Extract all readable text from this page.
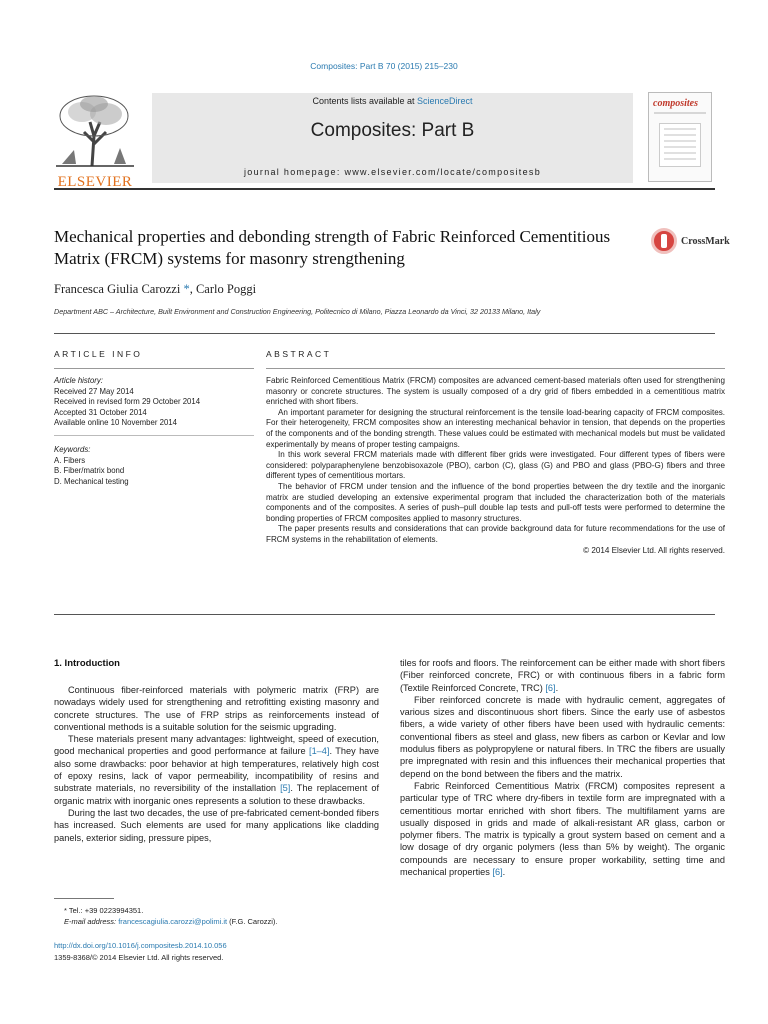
Composites: Part B 70 (2015) 215–230
ELSEVIER
Contents lists available at ScienceDirect
Composites: Part B
journal homepage: www.elsevier.com/locate/compositesb
composites
Mechanical properties and debonding strength of Fabric Reinforced Cementitious Matrix (FRCM) systems for masonry strengthening
CrossMark
Francesca Giulia Carozzi *, Carlo Poggi
Department ABC – Architecture, Built Environment and Construction Engineering, Politecnico di Milano, Piazza Leonardo da Vinci, 32 20133 Milano, Italy
ARTICLE INFO	ABSTRACT
Article history:
Received 27 May 2014
Received in revised form 29 October 2014
Accepted 31 October 2014
Available online 10 November 2014
Keywords:
A. Fibers
B. Fiber/matrix bond
D. Mechanical testing

Fabric Reinforced Cementitious Matrix (FRCM) composites are advanced cement-based materials often used for strengthening masonry or concrete structures. The system is usually composed of a dry grid of fibers embedded in a cementitious matrix enriched with short fibers.

An important parameter for designing the structural reinforcement is the tensile load-bearing capacity of FRCM composites. For their heterogeneity, FRCM composites show an interesting mechanical behavior in tension, that depends on the properties of the components and of the bonding strength. These values could be estimated with mechanical models but must be validated experimentally by means of proper testing campaigns.

In this work several FRCM materials made with different fiber grids were investigated. Four different types of fibers were considered: polyparaphenylene benzobisoxazole (PBO), carbon (C), glass (G) and PBO and glass (PBO-G) fibers and three different types of cementitious mortars.

The behavior of FRCM under tension and the influence of the bond properties between the dry textile and the inorganic matrix are studied developing an extensive experimental program that included the characterization both of the materials components and of the composites. A series of push–pull double lap tests and pull-off tests were performed to determine the bonding properties of FRCM composites applied to masonry structures.

The paper presents results and considerations that can provide background data for future recommendations for the use of FRCM systems in the rehabilitation of elements.

© 2014 Elsevier Ltd. All rights reserved.

1. Introduction

Continuous fiber-reinforced materials with polymeric matrix (FRP) are nowadays widely used for strengthening and retrofitting existing masonry and concrete structures. The use of FRP strips as reinforcements instead of conventional methods is a suitable solution for the seismic upgrading.

These materials present many advantages: lightweight, speed of execution, good mechanical properties and good performance at failure [1–4]. They have also some drawbacks: poor behavior at high temperatures, relatively high cost of epoxy resins, lack of vapor permeability, incompatibility of resins and substrate materials, no reversibility of the installation [5]. The replacement of organic matrix with inorganic ones represents a solution to these drawbacks.

During the last two decades, the use of pre-fabricated cement-bonded fibers has increased. Such elements are used for many applications like cladding panels, exterior siding, pressure pipes,

tiles for roofs and floors. The reinforcement can be either made with short fibers (Fiber reinforced concrete, FRC) or with continuous fibers in a fabric form (Textile Reinforced Concrete, TRC) [6].

Fiber reinforced concrete is made with hydraulic cement, aggregates of various sizes and discontinuous short fibers. Since the early use of asbestos fibers, a wide variety of other fibers have been used with hydraulic cements: conventional fibers as steel and glass, new fibers as carbon or Kevlar and low modulus fibers as polypropylene or natural fibers. In TRC the fibers are usually pre impregnated with resin and this influences their mechanical properties that depend on the bond between the fibers and the matrix.

Fabric Reinforced Cementitious Matrix (FRCM) composites represent a particular type of TRC where dry-fibers in textile form are impregnated with a cementitious mortar enriched with short fibers. The multifilament yarns are usually disposed in grids and made of alkali-resistant AR glass, carbon or polymer fibers. The matrix is typically a grout system based on cement and a low dosage of dry organic polymers (less than 5% by weight). The organic compounds are necessary to ensure proper workability, setting time and mechanical properties [6].

* Tel.: +39 0223994351.
E-mail address: francescagiulia.carozzi@polimi.it (F.G. Carozzi).
http://dx.doi.org/10.1016/j.compositesb.2014.10.056
1359-8368/© 2014 Elsevier Ltd. All rights reserved.
